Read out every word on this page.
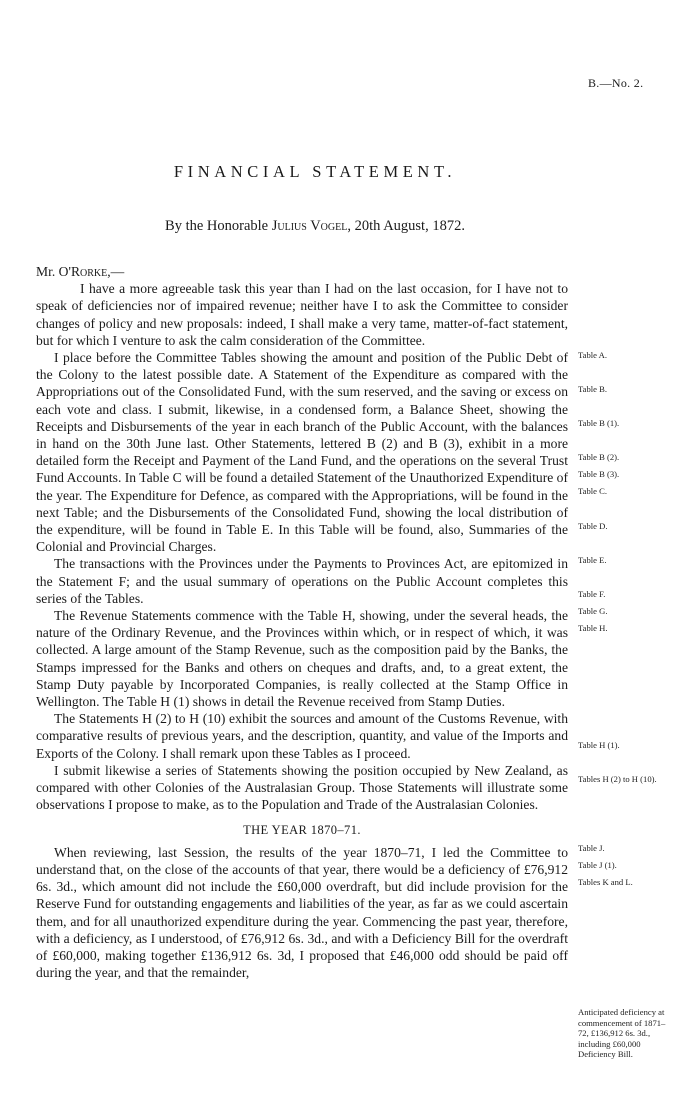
B.—No. 2.
FINANCIAL STATEMENT.
By the Honorable Julius Vogel, 20th August, 1872.

Mr. O'Rorke,—

I have a more agreeable task this year than I had on the last occasion, for I have not to speak of deficiencies nor of impaired revenue; neither have I to ask the Committee to consider changes of policy and new proposals: indeed, I shall make a very tame, matter-of-fact statement, but for which I venture to ask the calm consideration of the Committee.

I place before the Committee Tables showing the amount and position of the Public Debt of the Colony to the latest possible date. A Statement of the Expenditure as compared with the Appropriations out of the Consolidated Fund, with the sum reserved, and the saving or excess on each vote and class. I submit, likewise, in a condensed form, a Balance Sheet, showing the Receipts and Disbursements of the year in each branch of the Public Account, with the balances in hand on the 30th June last. Other Statements, lettered B (2) and B (3), exhibit in a more detailed form the Receipt and Payment of the Land Fund, and the operations on the several Trust Fund Accounts. In Table C will be found a detailed Statement of the Unauthorized Expenditure of the year. The Expenditure for Defence, as compared with the Appropriations, will be found in the next Table; and the Disbursements of the Consolidated Fund, showing the local distribution of the expenditure, will be found in Table E. In this Table will be found, also, Summaries of the Colonial and Provincial Charges.

The transactions with the Provinces under the Payments to Provinces Act, are epitomized in the Statement F; and the usual summary of operations on the Public Account completes this series of the Tables.

The Revenue Statements commence with the Table H, showing, under the several heads, the nature of the Ordinary Revenue, and the Provinces within which, or in respect of which, it was collected. A large amount of the Stamp Revenue, such as the composition paid by the Banks, the Stamps impressed for the Banks and others on cheques and drafts, and, to a great extent, the Stamp Duty payable by Incorporated Companies, is really collected at the Stamp Office in Wellington. The Table H (1) shows in detail the Revenue received from Stamp Duties.

The Statements H (2) to H (10) exhibit the sources and amount of the Customs Revenue, with comparative results of previous years, and the description, quantity, and value of the Imports and Exports of the Colony. I shall remark upon these Tables as I proceed.

I submit likewise a series of Statements showing the position occupied by New Zealand, as compared with other Colonies of the Australasian Group. Those Statements will illustrate some observations I propose to make, as to the Population and Trade of the Australasian Colonies.

THE YEAR 1870–71.

When reviewing, last Session, the results of the year 1870–71, I led the Committee to understand that, on the close of the accounts of that year, there would be a deficiency of £76,912 6s. 3d., which amount did not include the £60,000 overdraft, but did include provision for the Reserve Fund for outstanding engagements and liabilities of the year, as far as we could ascertain them, and for all unauthorized expenditure during the year. Commencing the past year, therefore, with a deficiency, as I understood, of £76,912 6s. 3d., and with a Deficiency Bill for the overdraft of £60,000, making together £136,912 6s. 3d, I proposed that £46,000 odd should be paid off during the year, and that the remainder,

Table A.
Table B.
Table B (1).
Table B (2).
Table B (3).
Table C.
Table D.
Table E.
Table F.
Table G.
Table H.
Table H (1).
Tables H (2) to H (10).
Table J.
Table J (1).
Tables K and L.
Anticipated deficiency at commencement of 1871–72, £136,912 6s. 3d., including £60,000 Deficiency Bill.
